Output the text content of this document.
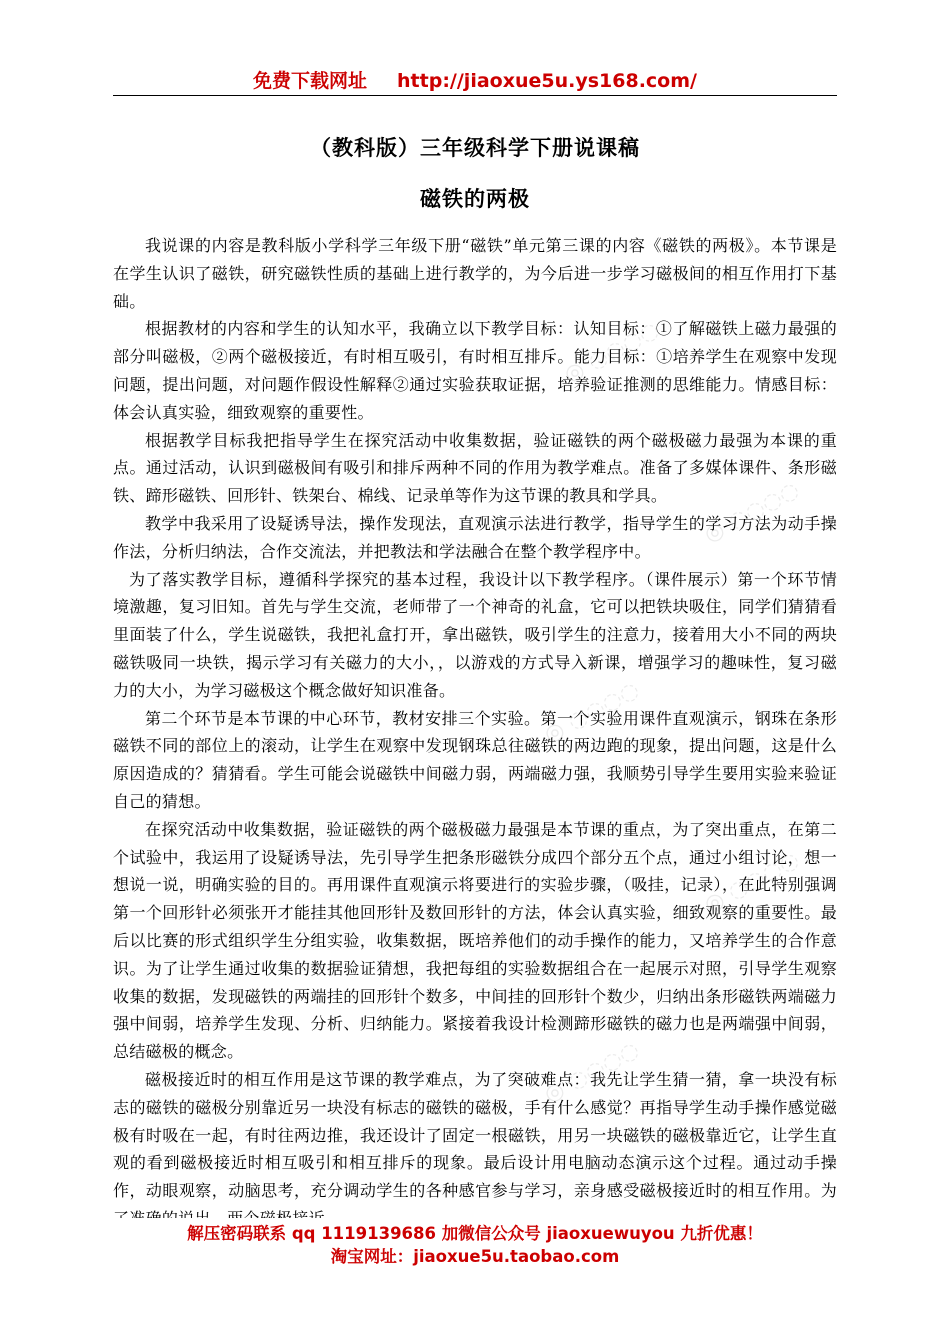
免费下载网址 http://jiaoxue5u.ys168.com/
（教科版）三年级科学下册说课稿
磁铁的两极

我说课的内容是教科版小学科学三年级下册“磁铁”单元第三课的内容《磁铁的两极》。本节课是在学生认识了磁铁，研究磁铁性质的基础上进行教学的，为今后进一步学习磁极间的相互作用打下基础。

根据教材的内容和学生的认知水平，我确立以下教学目标：认知目标：①了解磁铁上磁力最强的部分叫磁极，②两个磁极接近，有时相互吸引，有时相互排斥。能力目标：①培养学生在观察中发现问题，提出问题，对问题作假设性解释②通过实验获取证据，培养验证推测的思维能力。情感目标：体会认真实验，细致观察的重要性。

根据教学目标我把指导学生在探究活动中收集数据，验证磁铁的两个磁极磁力最强为本课的重点。通过活动，认识到磁极间有吸引和排斥两种不同的作用为教学难点。准备了多媒体课件、条形磁铁、蹄形磁铁、回形针、铁架台、棉线、记录单等作为这节课的教具和学具。

教学中我采用了设疑诱导法，操作发现法，直观演示法进行教学，指导学生的学习方法为动手操作法，分析归纳法，合作交流法，并把教法和学法融合在整个教学程序中。

为了落实教学目标，遵循科学探究的基本过程，我设计以下教学程序。（课件展示）第一个环节情境激趣，复习旧知。首先与学生交流，老师带了一个神奇的礼盒，它可以把铁块吸住，同学们猜猜看里面装了什么，学生说磁铁，我把礼盒打开，拿出磁铁，吸引学生的注意力，接着用大小不同的两块磁铁吸同一块铁，揭示学习有关磁力的大小，，以游戏的方式导入新课，增强学习的趣味性，复习磁力的大小，为学习磁极这个概念做好知识准备。

第二个环节是本节课的中心环节，教材安排三个实验。第一个实验用课件直观演示，钢珠在条形磁铁不同的部位上的滚动，让学生在观察中发现钢珠总往磁铁的两边跑的现象，提出问题，这是什么原因造成的？猜猜看。学生可能会说磁铁中间磁力弱，两端磁力强，我顺势引导学生要用实验来验证自己的猜想。

在探究活动中收集数据，验证磁铁的两个磁极磁力最强是本节课的重点，为了突出重点，在第二个试验中，我运用了设疑诱导法，先引导学生把条形磁铁分成四个部分五个点，通过小组讨论，想一想说一说，明确实验的目的。再用课件直观演示将要进行的实验步骤，（吸挂，记录），在此特别强调第一个回形针必须张开才能挂其他回形针及数回形针的方法，体会认真实验，细致观察的重要性。最后以比赛的形式组织学生分组实验，收集数据，既培养他们的动手操作的能力，又培养学生的合作意识。为了让学生通过收集的数据验证猜想，我把每组的实验数据组合在一起展示对照，引导学生观察收集的数据，发现磁铁的两端挂的回形针个数多，中间挂的回形针个数少，归纳出条形磁铁两端磁力强中间弱，培养学生发现、分析、归纳能力。紧接着我设计检测蹄形磁铁的磁力也是两端强中间弱，总结磁极的概念。

磁极接近时的相互作用是这节课的教学难点，为了突破难点：我先让学生猜一猜，拿一块没有标志的磁铁的磁极分别靠近另一块没有标志的磁铁的磁极，手有什么感觉？再指导学生动手操作感觉磁极有时吸在一起，有时往两边推，我还设计了固定一根磁铁，用另一块磁铁的磁极靠近它，让学生直观的看到磁极接近时相互吸引和相互排斥的现象。最后设计用电脑动态演示这个过程。通过动手操作，动眼观察，动脑思考，充分调动学生的各种感官参与学习，亲身感受磁极接近时的相互作用。为

◎ ◌◌◌◌
◎ ◌◌◌◌
◎ ◌◌◌◌
◎ ◌◌◌◌
◎ ◌◌◌◌
解压密码联系 qq 1119139686 加微信公众号 jiaoxuewuyou 九折优惠！
淘宝网址：jiaoxue5u.taobao.com
